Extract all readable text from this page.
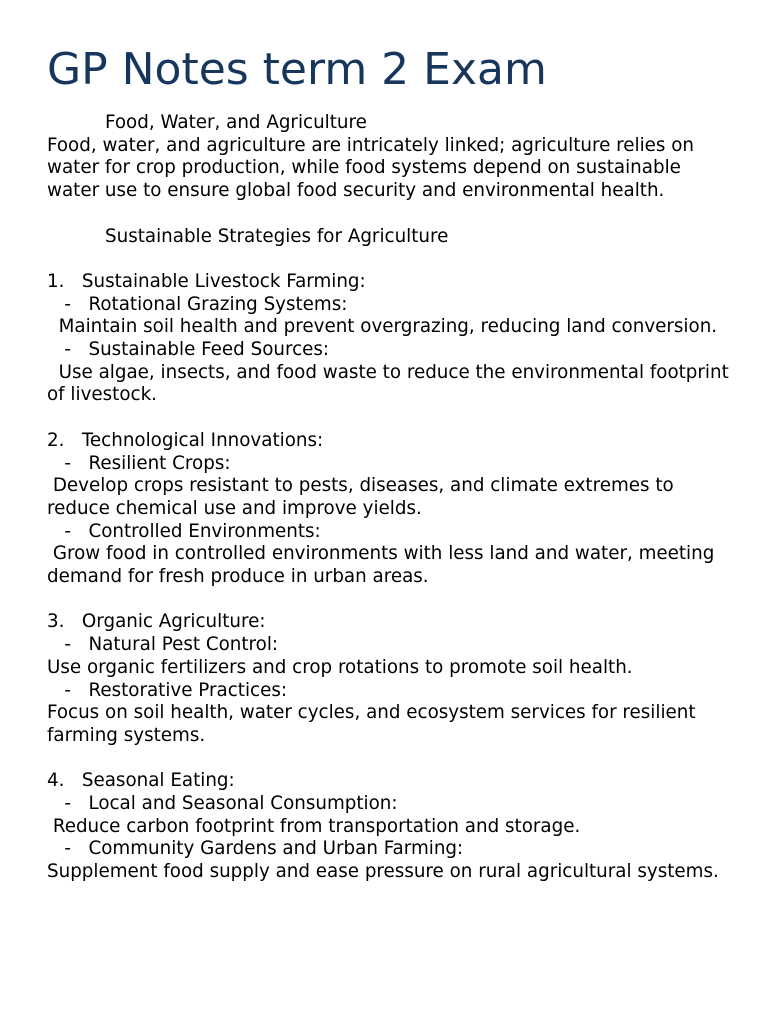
GP Notes term 2 Exam
Food, Water, and Agriculture
Food, water, and agriculture are intricately linked; agriculture relies on water for crop production, while food systems depend on sustainable water use to ensure global food security and environmental health.
Sustainable Strategies for Agriculture
1.   Sustainable Livestock Farming:
-   Rotational Grazing Systems:
Maintain soil health and prevent overgrazing, reducing land conversion.
-   Sustainable Feed Sources:
Use algae, insects, and food waste to reduce the environmental footprint of livestock.
2.   Technological Innovations:
-   Resilient Crops:
Develop crops resistant to pests, diseases, and climate extremes to reduce chemical use and improve yields.
-   Controlled Environments:
Grow food in controlled environments with less land and water, meeting demand for fresh produce in urban areas.
3.   Organic Agriculture:
-   Natural Pest Control:
Use organic fertilizers and crop rotations to promote soil health.
-   Restorative Practices:
Focus on soil health, water cycles, and ecosystem services for resilient farming systems.
4.   Seasonal Eating:
-   Local and Seasonal Consumption:
Reduce carbon footprint from transportation and storage.
-   Community Gardens and Urban Farming:
Supplement food supply and ease pressure on rural agricultural systems.
